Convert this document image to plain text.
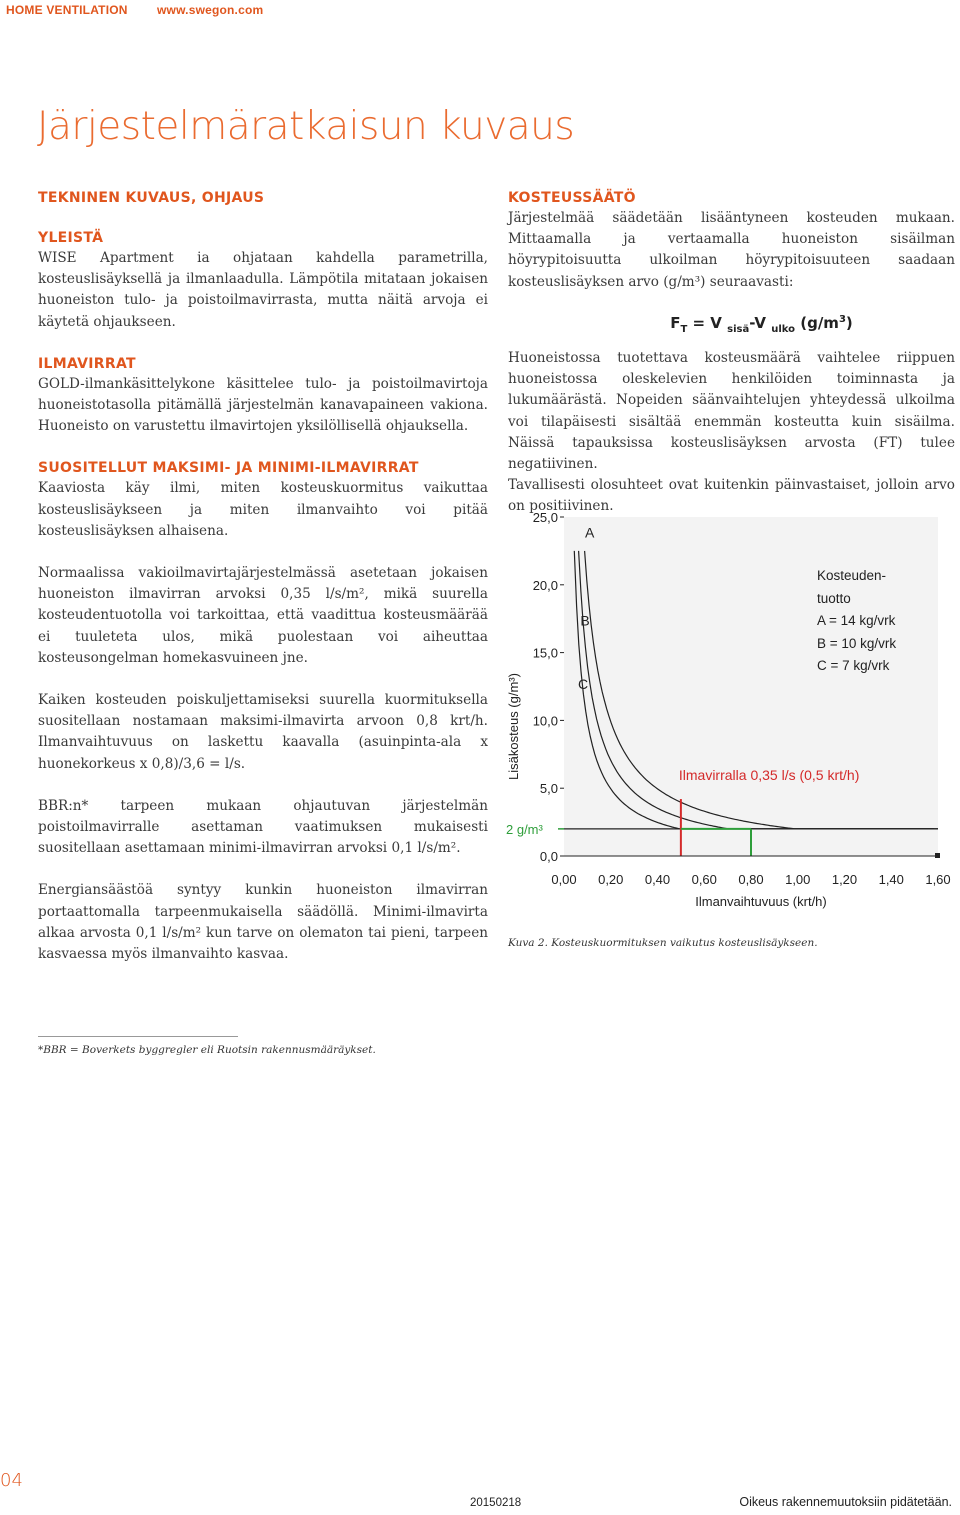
HOME VENTILATION www.swegon.com
Järjestelmäratkaisun kuvaus
TEKNINEN KUVAUS, OHJAUS
YLEISTÄ

WISE Apartment ia ohjataan kahdella parametrilla, kosteuslisäyksellä ja ilmanlaadulla. Lämpötila mitataan jokaisen huoneiston tulo- ja poistoilmavirrasta, mutta näitä arvoja ei käytetä ohjaukseen.

ILMAVIRRAT

GOLD-ilmankäsittelykone käsittelee tulo- ja poistoilmavirtoja huoneistotasolla pitämällä järjestelmän kanavapaineen vakiona. Huoneisto on varustettu ilmavirtojen yksilöllisellä ohjauksella.

SUOSITELLUT MAKSIMI- JA MINIMI-ILMAVIRRAT

Kaaviosta käy ilmi, miten kosteuskuormitus vaikuttaa kosteuslisäykseen ja miten ilmanvaihto voi pitää kosteuslisäyksen alhaisena.

Normaalissa vakioilmavirtajärjestelmässä asetetaan jokaisen huoneiston ilmavirran arvoksi 0,35 l/s/m², mikä suurella kosteudentuotolla voi tarkoittaa, että vaadittua kosteusmäärää ei tuuleteta ulos, mikä puolestaan voi aiheuttaa kosteusongelman homekasvuineen jne.

Kaiken kosteuden poiskuljettamiseksi suurella kuormituksella suositellaan nostamaan maksimi-ilmavirta arvoon 0,8 krt/h. Ilmanvaihtuvuus on laskettu kaavalla (asuinpinta-ala x huonekorkeus x 0,8)/3,6 = l/s.

BBR:n* tarpeen mukaan ohjautuvan järjestelmän poistoilmavirralle asettaman vaatimuksen mukaisesti suositellaan asettamaan minimi-ilmavirran arvoksi 0,1 l/s/m².

Energiansäästöä syntyy kunkin huoneiston ilmavirran portaattomalla tarpeenmukaisella säädöllä. Minimi-ilmavirta alkaa arvosta 0,1 l/s/m² kun tarve on olematon tai pieni, tarpeen kasvaessa myös ilmanvaihto kasvaa.

KOSTEUSSÄÄTÖ

Järjestelmää säädetään lisääntyneen kosteuden mukaan. Mittaamalla ja vertaamalla huoneiston sisäilman höyrypitoisuutta ulkoilman höyrypitoisuuteen saadaan kosteuslisäyksen arvo (g/m³) seuraavasti:

$F_T = V$ $_{sisä}$-V $_{ulko}$ $(g/m^3)$

Huoneistossa tuotettava kosteusmäärä vaihtelee riippuen huoneistossa oleskelevien henkilöiden toiminnasta ja lukumäärästä. Nopeiden säänvaihtelujen yhteydessä ulkoilma voi tilapäisesti sisältää enemmän kosteutta kuin sisäilma. Näissä tapauksissa kosteuslisäyksen arvosta (FT) tulee negatiivinen.

Tavallisesti olosuhteet ovat kuitenkin päinvastaiset, jolloin arvo on positiivinen.

25,0
20,0
15,0
10,0
5,0
0,0
0,00 0,20 0,40 0,60 0,80 1,00 1,20 1,40 1,60
Ilmanvaihtuvuus (krt/h)
Lisäkosteus (g/m³)
2 g/m³
A
B
C
Ilmavirralla 0,35 l/s (0,5 krt/h)
Kosteuden-
tuotto
A = 14 kg/vrk
B = 10 kg/vrk
C = 7 kg/vrk
Kuva 2. Kosteuskuormituksen vaikutus kosteuslisäykseen.
*BBR = Boverkets byggregler eli Ruotsin rakennusmääräykset.
04
20150218	Oikeus rakennemuutoksiin pidätetään.
